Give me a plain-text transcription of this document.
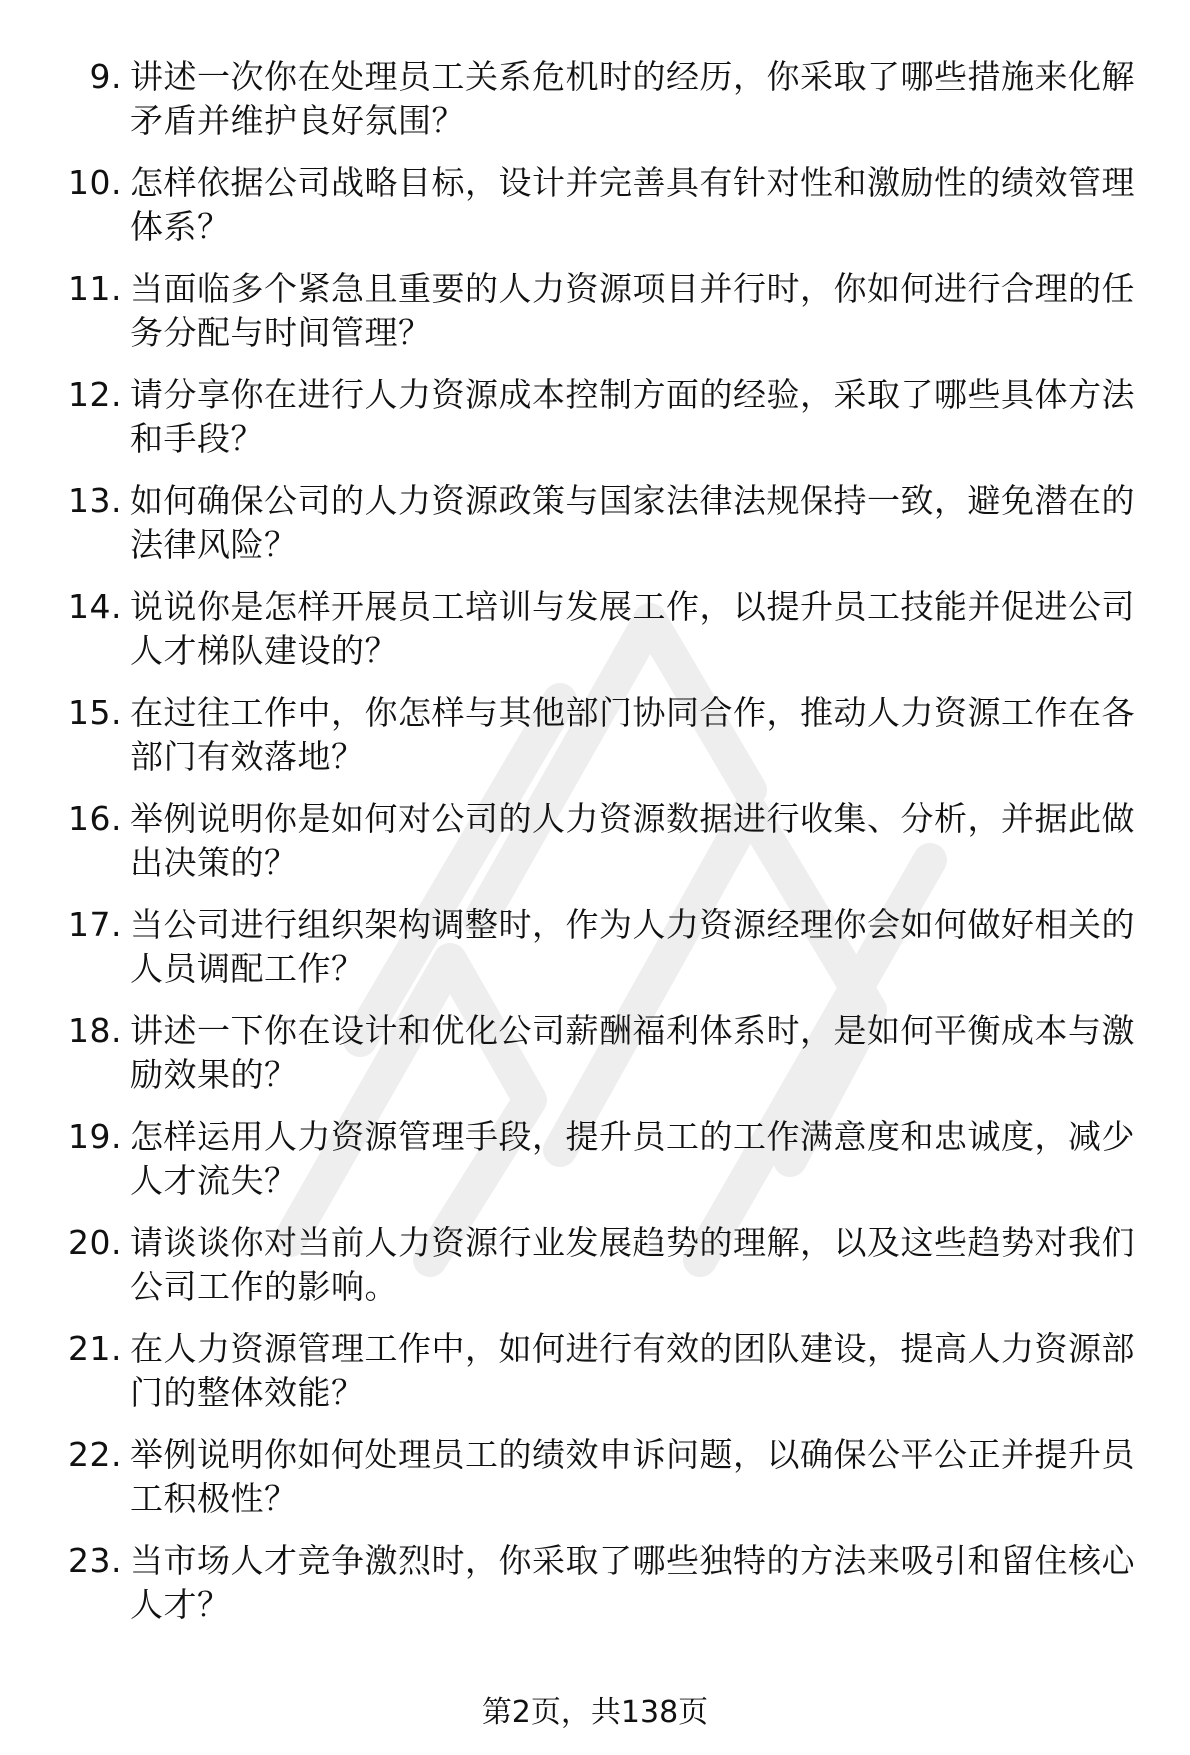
9. 讲述一次你在处理员工关系危机时的经历，你采取了哪些措施来化解矛盾并维护良好氛围？
10. 怎样依据公司战略目标，设计并完善具有针对性和激励性的绩效管理体系？
11. 当面临多个紧急且重要的人力资源项目并行时，你如何进行合理的任务分配与时间管理？
12. 请分享你在进行人力资源成本控制方面的经验，采取了哪些具体方法和手段？
13. 如何确保公司的人力资源政策与国家法律法规保持一致，避免潜在的法律风险？
14. 说说你是怎样开展员工培训与发展工作，以提升员工技能并促进公司人才梯队建设的？
15. 在过往工作中，你怎样与其他部门协同合作，推动人力资源工作在各部门有效落地？
16. 举例说明你是如何对公司的人力资源数据进行收集、分析，并据此做出决策的？
17. 当公司进行组织架构调整时，作为人力资源经理你会如何做好相关的人员调配工作？
18. 讲述一下你在设计和优化公司薪酬福利体系时，是如何平衡成本与激励效果的？
19. 怎样运用人力资源管理手段，提升员工的工作满意度和忠诚度，减少人才流失？
20. 请谈谈你对当前人力资源行业发展趋势的理解，以及这些趋势对我们公司工作的影响。
21. 在人力资源管理工作中，如何进行有效的团队建设，提高人力资源部门的整体效能？
22. 举例说明你如何处理员工的绩效申诉问题，以确保公平公正并提升员工积极性？
23. 当市场人才竞争激烈时，你采取了哪些独特的方法来吸引和留住核心人才？
第2页，共138页
